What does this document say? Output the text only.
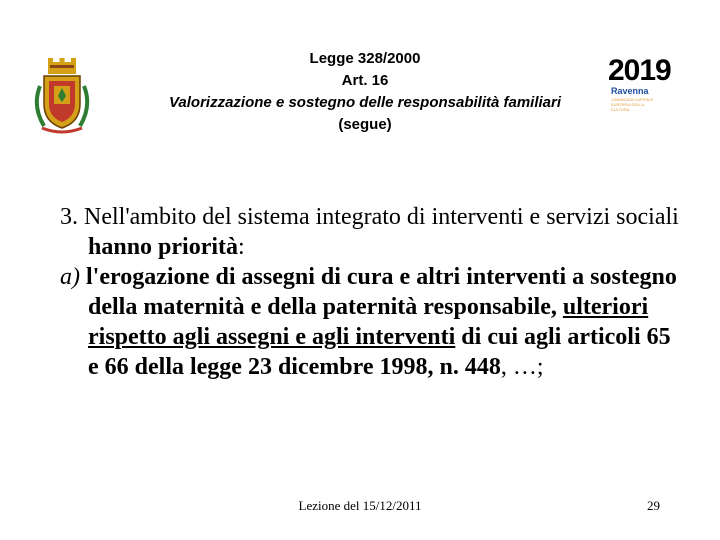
Legge 328/2000
Art. 16
Valorizzazione e sostegno delle responsabilità familiari
(segue)
2019
Ravenna
CANDIDATA CAPITALE EUROPEA DELLA CULTURA

3. Nell'ambito del sistema integrato di interventi e servizi sociali hanno priorità:

a) l'erogazione di assegni di cura e altri interventi a sostegno della maternità e della paternità responsabile, ulteriori rispetto agli assegni e agli interventi di cui agli articoli 65 e 66 della legge 23 dicembre 1998, n. 448, …;

Lezione del 15/12/2011	29
